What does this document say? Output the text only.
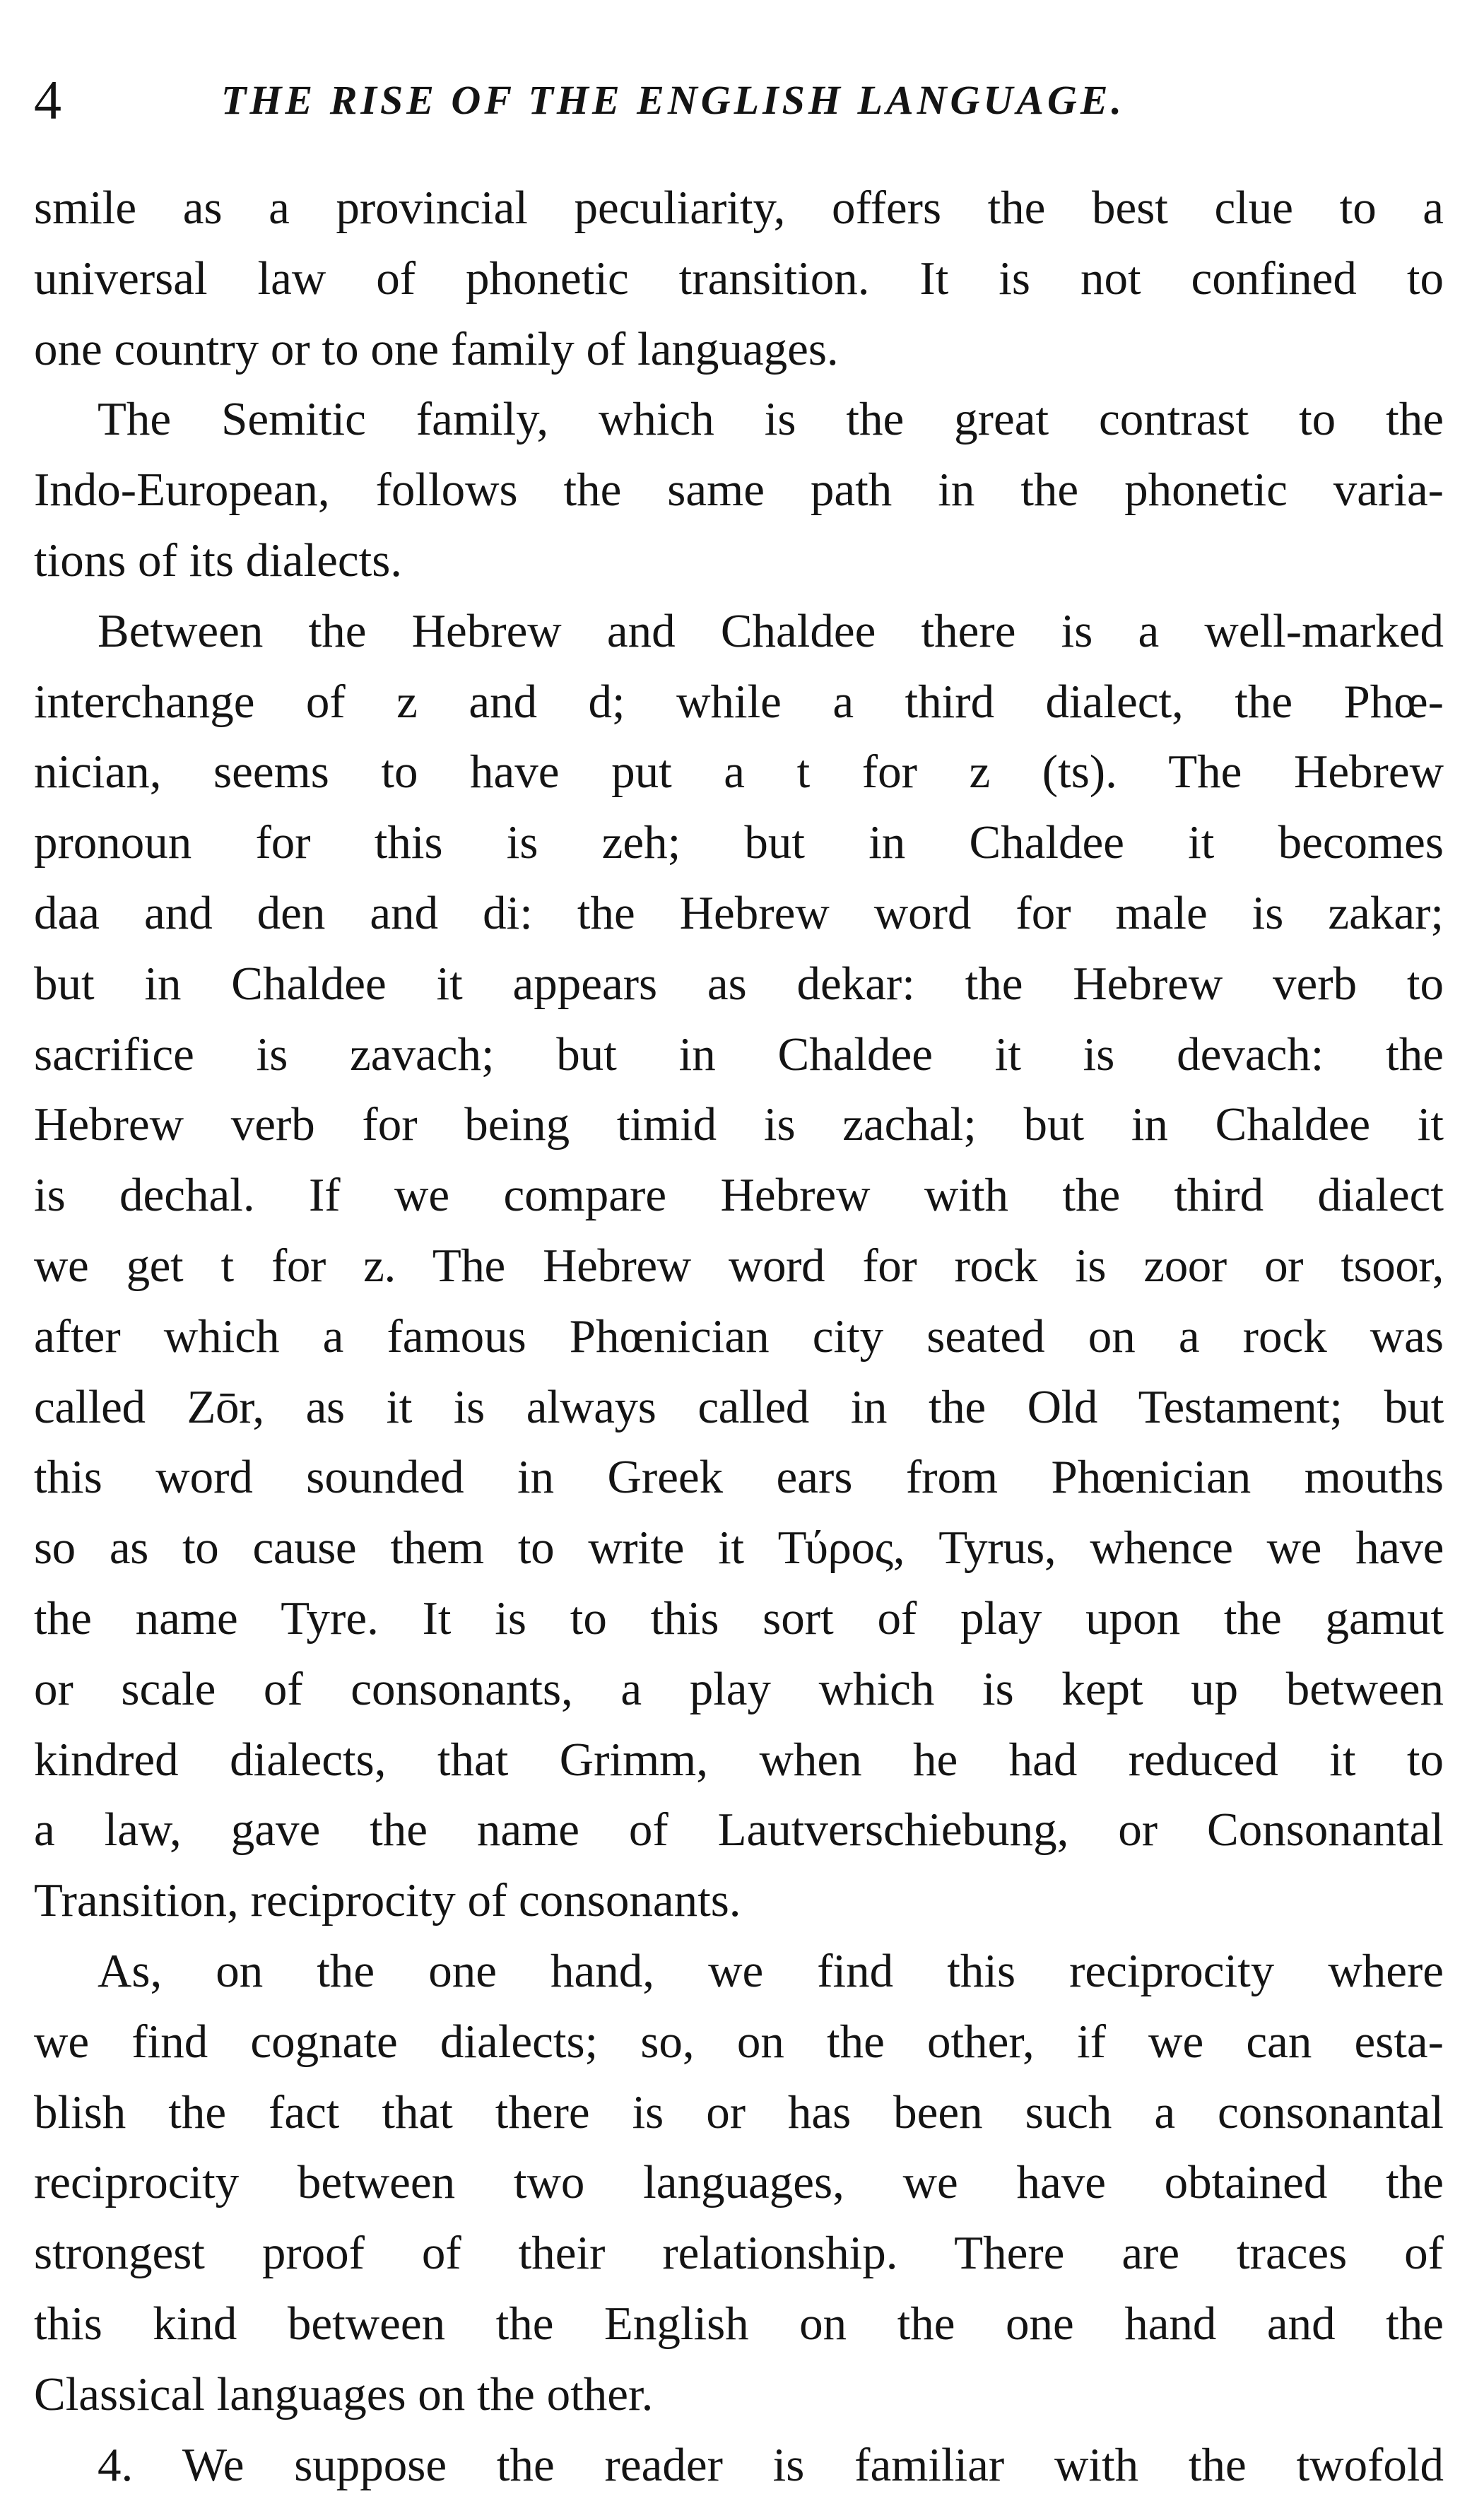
4	THE RISE OF THE ENGLISH LANGUAGE.
smile as a provincial peculiarity, offers the best clue to a
universal law of phonetic transition. It is not confined to
one country or to one family of languages.
The Semitic family, which is the great contrast to the
Indo-European, follows the same path in the phonetic varia-
tions of its dialects.
Between the Hebrew and Chaldee there is a well-marked
interchange of z and d; while a third dialect, the Phœ-
nician, seems to have put a t for z (ts). The Hebrew
pronoun for this is zeh; but in Chaldee it becomes
daa and den and di: the Hebrew word for male is zakar;
but in Chaldee it appears as dekar: the Hebrew verb to
sacrifice is zavach; but in Chaldee it is devach: the
Hebrew verb for being timid is zachal; but in Chaldee it
is dechal. If we compare Hebrew with the third dialect
we get t for z. The Hebrew word for rock is zoor or tsoor,
after which a famous Phœnician city seated on a rock was
called Zōr, as it is always called in the Old Testament; but
this word sounded in Greek ears from Phœnician mouths
so as to cause them to write it Τύρος, Tyrus, whence we have
the name Tyre. It is to this sort of play upon the gamut
or scale of consonants, a play which is kept up between
kindred dialects, that Grimm, when he had reduced it to
a law, gave the name of Lautverschiebung, or Consonantal
Transition, reciprocity of consonants.
As, on the one hand, we find this reciprocity where
we find cognate dialects; so, on the other, if we can esta-
blish the fact that there is or has been such a consonantal
reciprocity between two languages, we have obtained the
strongest proof of their relationship. There are traces of
this kind between the English on the one hand and the
Classical languages on the other.
4. We suppose the reader is familiar with the twofold
